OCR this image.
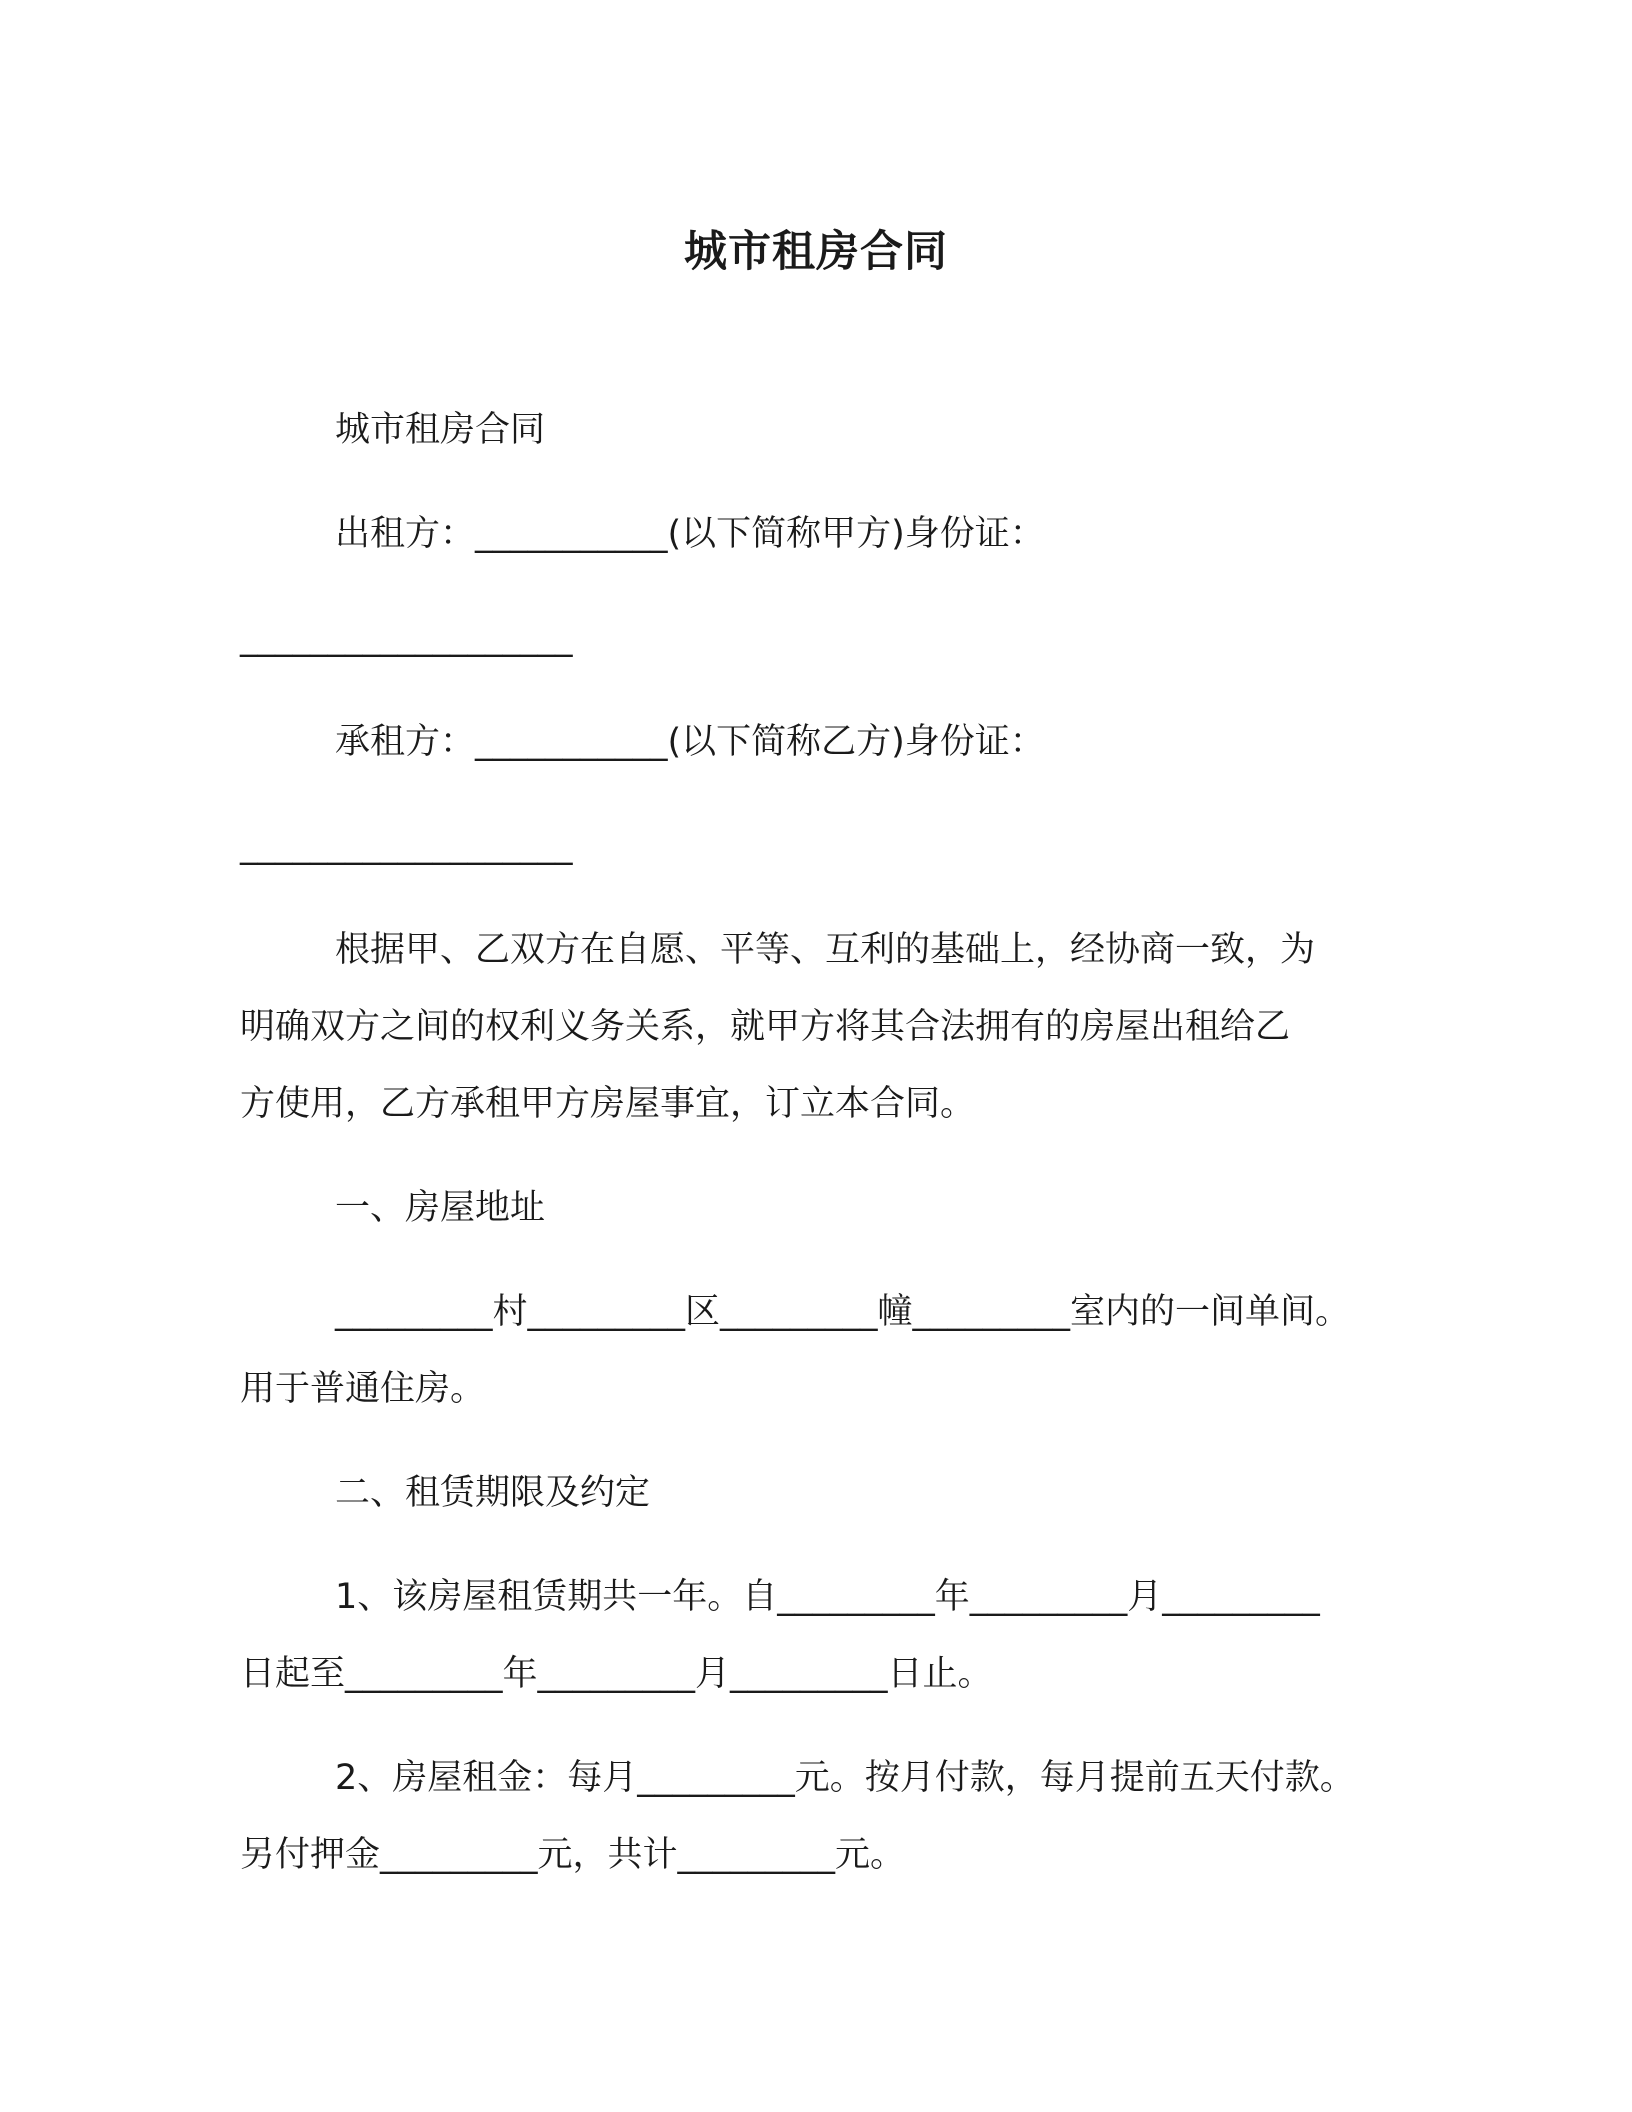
城市租房合同

城市租房合同

出租方：___________(以下简称甲方)身份证：

___________________

承租方：___________(以下简称乙方)身份证：

___________________

根据甲、乙双方在自愿、平等、互利的基础上，经协商一致，为

明确双方之间的权利义务关系，就甲方将其合法拥有的房屋出租给乙

方使用，乙方承租甲方房屋事宜，订立本合同。

一、房屋地址

_________村_________区_________幢_________室内的一间单间。

用于普通住房。

二、租赁期限及约定

1、该房屋租赁期共一年。自_________年_________月_________

日起至_________年_________月_________日止。

2、房屋租金：每月_________元。按月付款，每月提前五天付款。

另付押金_________元，共计_________元。
